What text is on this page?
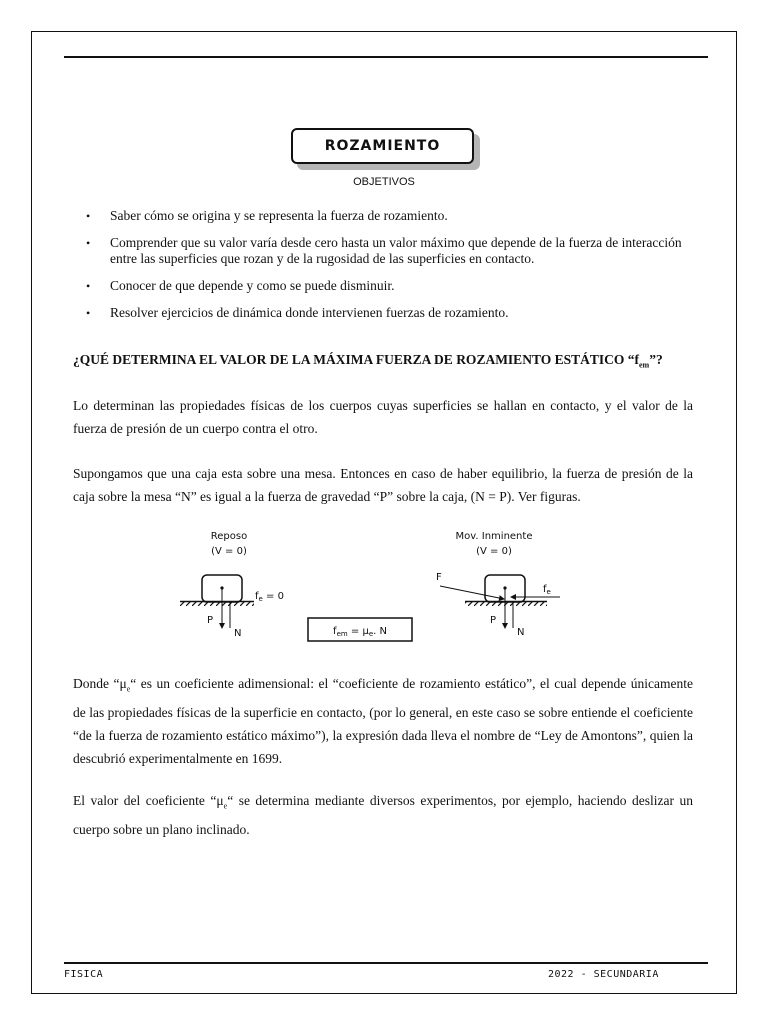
ROZAMIENTO
OBJETIVOS
• Saber cómo se origina y se representa la fuerza de rozamiento.
• Comprender que su valor varía desde cero hasta un valor máximo que depende de la fuerza de interacción entre las superficies que rozan y de la rugosidad de las superficies en contacto.
• Conocer de que depende y como se puede disminuir.
• Resolver ejercicios de dinámica donde intervienen fuerzas de rozamiento.
¿QUÉ DETERMINA EL VALOR DE LA MÁXIMA FUERZA DE ROZAMIENTO ESTÁTICO “$f_{em}$”?
Lo determinan las propiedades físicas de los cuerpos cuyas superficies se hallan en contacto, y el valor de la fuerza de presión de un cuerpo contra el otro.
Supongamos que una caja esta sobre una mesa. Entonces en caso de haber equilibrio, la fuerza de presión de la caja sobre la mesa “N” es igual a la fuerza de gravedad “P” sobre la caja, (N = P). Ver figuras.
Reposo
(V = 0)
P
N
$f_e = 0$
$f_{em} = \mu_e$. N
Mov. Inminente
(V = 0)
F
$f_e$
P
N
Donde “$\mu_e“$ es un coeficiente adimensional: el “coeficiente de rozamiento estático”, el cual depende únicamente de las propiedades físicas de la superficie en contacto, (por lo general, en este caso se sobre entiende el coeficiente “de la fuerza de rozamiento estático máximo”), la expresión dada lleva el nombre de “Ley de Amontons”, quien la descubrió experimentalmente en 1699.
El valor del coeficiente “$\mu_e“$ se determina mediante diversos experimentos, por ejemplo, haciendo deslizar un cuerpo sobre un plano inclinado.
FISICA	2022 - SECUNDARIA
